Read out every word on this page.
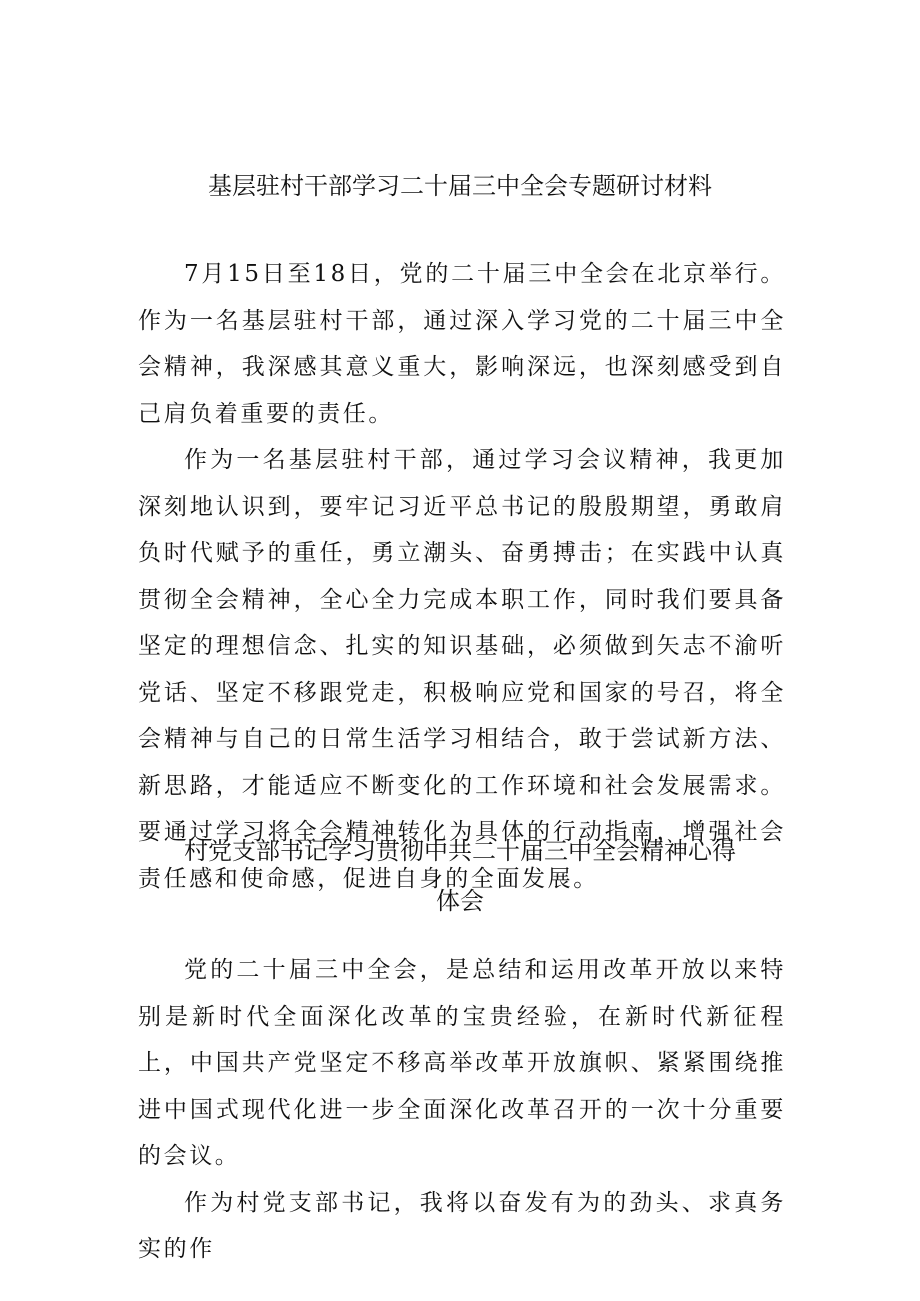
基层驻村干部学习二十届三中全会专题研讨材料

7月15日至18日，党的二十届三中全会在北京举行。作为一名基层驻村干部，通过深入学习党的二十届三中全会精神，我深感其意义重大，影响深远，也深刻感受到自己肩负着重要的责任。

作为一名基层驻村干部，通过学习会议精神，我更加深刻地认识到，要牢记习近平总书记的殷殷期望，勇敢肩负时代赋予的重任，勇立潮头、奋勇搏击；在实践中认真贯彻全会精神，全心全力完成本职工作，同时我们要具备坚定的理想信念、扎实的知识基础，必须做到矢志不渝听党话、坚定不移跟党走，积极响应党和国家的号召，将全会精神与自己的日常生活学习相结合，敢于尝试新方法、新思路，才能适应不断变化的工作环境和社会发展需求。要通过学习将全会精神转化为具体的行动指南，增强社会责任感和使命感，促进自身的全面发展。

村党支部书记学习贯彻中共二十届三中全会精神心得
体会

党的二十届三中全会，是总结和运用改革开放以来特别是新时代全面深化改革的宝贵经验，在新时代新征程上，中国共产党坚定不移高举改革开放旗帜、紧紧围绕推进中国式现代化进一步全面深化改革召开的一次十分重要的会议。

作为村党支部书记，我将以奋发有为的劲头、求真务实的作
